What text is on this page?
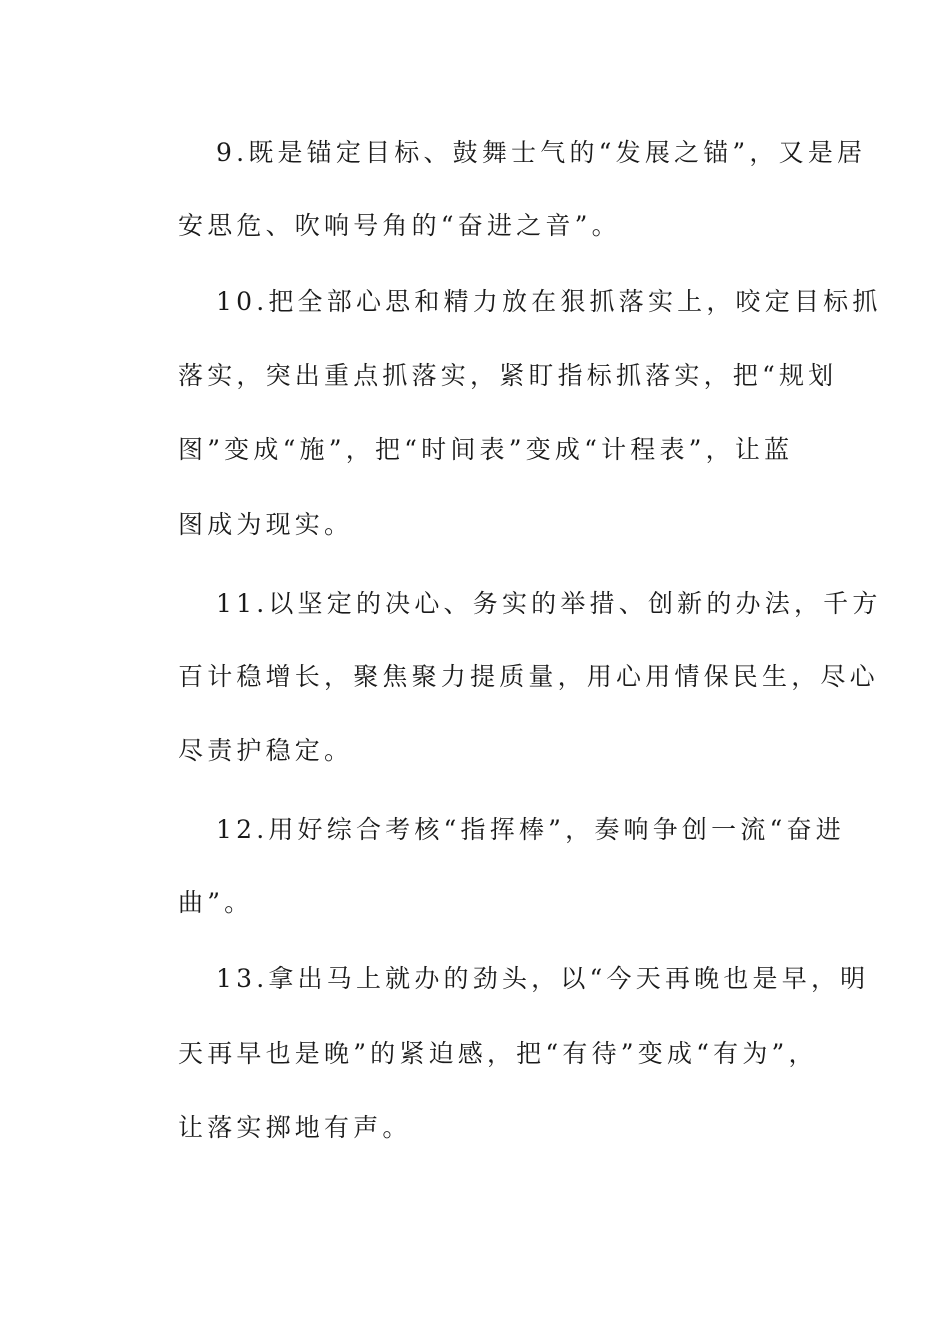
9.既是锚定目标、鼓舞士气的“发展之锚”，又是居
安思危、吹响号角的“奋进之音”。
10.把全部心思和精力放在狠抓落实上，咬定目标抓
落实，突出重点抓落实，紧盯指标抓落实，把“规划
图”变成“施”，把“时间表”变成“计程表”，让蓝
图成为现实。
11.以坚定的决心、务实的举措、创新的办法，千方
百计稳增长，聚焦聚力提质量，用心用情保民生，尽心
尽责护稳定。
12.用好综合考核“指挥棒”，奏响争创一流“奋进
曲”。
13.拿出马上就办的劲头，以“今天再晚也是早，明
天再早也是晚”的紧迫感，把“有待”变成“有为”，
让落实掷地有声。
